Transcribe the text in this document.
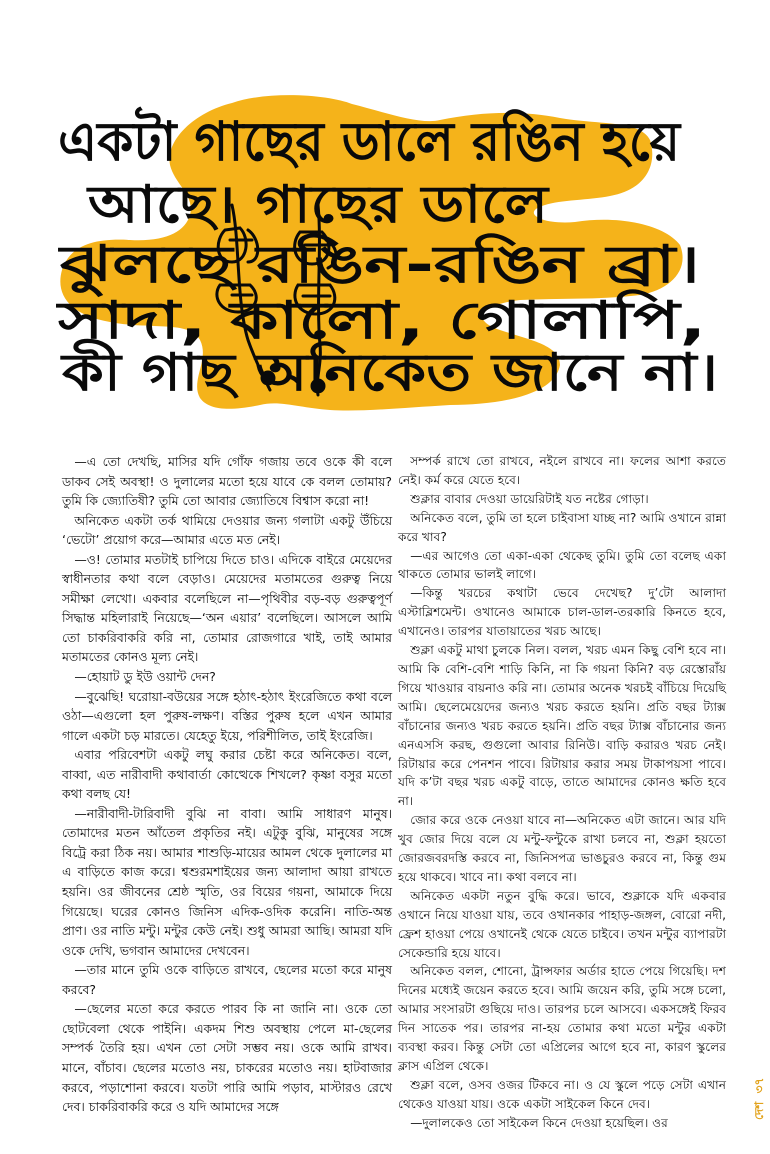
একটা গাছের ডালে রঙিন হয়ে
আছে। গাছের ডালে
ঝুলছে রঙিন-রঙিন ব্রা।
সাদা, কালো, গোলাপি,
কী গাছ অনিকেত জানে না।

—এ তো দেখছি, মাসির যদি গোঁফ গজায় তবে ওকে কী বলে ডাকব সেই অবস্থা! ও দুলালের মতো হয়ে যাবে কে বলল তোমায়? তুমি কি জ্যোতিষী? তুমি তো আবার জ্যোতিষে বিশ্বাস করো না!

অনিকেত একটা তর্ক থামিয়ে দেওয়ার জন্য গলাটা একটু উঁচিয়ে ‘ভেটো’ প্রয়োগ করে—আমার এতে মত নেই।

—ও! তোমার মতটাই চাপিয়ে দিতে চাও। এদিকে বাইরে মেয়েদের স্বাধীনতার কথা বলে বেড়াও। মেয়েদের মতামতের গুরুত্ব নিয়ে সমীক্ষা লেখো। একবার বলেছিলে না—পৃথিবীর বড়-বড় গুরুত্বপূর্ণ সিদ্ধান্ত মহিলারাই নিয়েছে—‘অন এয়ার’ বলেছিলে। আসলে আমি তো চাকরিবাকরি করি না, তোমার রোজগারে খাই, তাই আমার মতামতের কোনও মূল্য নেই।

—হোয়াট ডু ইউ ওয়ান্ট দেন?

—বুঝেছি! ঘরোয়া-বউয়ের সঙ্গে হঠাৎ-হঠাৎ ইংরেজিতে কথা বলে ওঠা—এগুলো হল পুরুষ-লক্ষণ। বস্তির পুরুষ হলে এখন আমার গালে একটা চড় মারতে। যেহেতু ইয়ে, পরিশীলিত, তাই ইংরেজি।

এবার পরিবেশটা একটু লঘু করার চেষ্টা করে অনিকেত। বলে, বাব্বা, এত নারীবাদী কথাবার্তা কোত্থেকে শিখলে? কৃষ্ণা বসুর মতো কথা বলছ যে!

—নারীবাদী-টারিবাদী বুঝি না বাবা। আমি সাধারণ মানুষ। তোমাদের মতন আঁতেল প্রকৃতির নই। এটুকু বুঝি, মানুষের সঙ্গে বিট্রে করা ঠিক নয়। আমার শাশুড়ি-মায়ের আমল থেকে দুলালের মা এ বাড়িতে কাজ করে। শ্বশুরমশাইয়ের জন্য আলাদা আয়া রাখতে হয়নি। ওর জীবনের শ্রেষ্ঠ স্মৃতি, ওর বিয়ের গয়না, আমাকে দিয়ে গিয়েছে। ঘরের কোনও জিনিস এদিক-ওদিক করেনি। নাতি-অন্ত প্রাণ। ওর নাতি মন্টু। মন্টুর কেউ নেই। শুধু আমরা আছি। আমরা যদি ওকে দেখি, ভগবান আমাদের দেখবেন।

—তার মানে তুমি ওকে বাড়িতে রাখবে, ছেলের মতো করে মানুষ করবে?

—ছেলের মতো করে করতে পারব কি না জানি না। ওকে তো ছোটবেলা থেকে পাইনি। একদম শিশু অবস্থায় পেলে মা-ছেলের সম্পর্ক তৈরি হয়। এখন তো সেটা সম্ভব নয়। ওকে আমি রাখব। মানে, বাঁচাব। ছেলের মতোও নয়, চাকরের মতোও নয়। হাটবাজার করবে, পড়াশোনা করবে। যতটা পারি আমি পড়াব, মাস্টারও রেখে দেব। চাকরিবাকরি করে ও যদি আমাদের সঙ্গে

সম্পর্ক রাখে তো রাখবে, নইলে রাখবে না। ফলের আশা করতে নেই। কর্ম করে যেতে হবে।

শুক্লার বাবার দেওয়া ডায়েরিটাই যত নষ্টের গোড়া।

অনিকেত বলে, তুমি তা হলে চাইবাসা যাচ্ছ না? আমি ওখানে রান্না করে খাব?

—এর আগেও তো একা-একা থেকেছ তুমি। তুমি তো বলেছ একা থাকতে তোমার ভালই লাগে।

—কিন্তু খরচের কথাটা ভেবে দেখেছ? দু’টো আলাদা এস্টাব্লিশমেন্ট। ওখানেও আমাকে চাল-ডাল-তরকারি কিনতে হবে, এখানেও। তারপর যাতায়াতের খরচ আছে।

শুক্লা একটু মাথা চুলকে নিল। বলল, খরচ এমন কিছু বেশি হবে না। আমি কি বেশি-বেশি শাড়ি কিনি, না কি গয়না কিনি? বড় রেস্তোরাঁয় গিয়ে খাওয়ার বায়নাও করি না। তোমার অনেক খরচই বাঁচিয়ে দিয়েছি আমি। ছেলেমেয়েদের জন্যও খরচ করতে হয়নি। প্রতি বছর ট্যাক্স বাঁচানোর জন্যও খরচ করতে হয়নি। প্রতি বছর ট্যাক্স বাঁচানোর জন্য এনএসসি করছ, গুগুলো আবার রিনিউ। বাড়ি করারও খরচ নেই। রিটায়ার করে পেনশন পাবে। রিটায়ার করার সময় টাকাপয়সা পাবে। যদি ক’টা বছর খরচ একটু বাড়ে, তাতে আমাদের কোনও ক্ষতি হবে না।

জোর করে ওকে নেওয়া যাবে না—অনিকেত এটা জানে। আর যদি খুব জোর দিয়ে বলে যে মন্টু-ফন্টুকে রাখা চলবে না, শুক্লা হয়তো জোরজবরদস্তি করবে না, জিনিসপত্র ভাঙচুরও করবে না, কিন্তু গুম হয়ে থাকবে। খাবে না। কথা বলবে না।

অনিকেত একটা নতুন বুদ্ধি করে। ভাবে, শুক্লাকে যদি একবার ওখানে নিয়ে যাওয়া যায়, তবে ওখানকার পাহাড়-জঙ্গল, বোরো নদী, ফ্রেশ হাওয়া পেয়ে ওখানেই থেকে যেতে চাইবে। তখন মন্টুর ব্যাপারটা সেকেন্ডারি হয়ে যাবে।

অনিকেত বলল, শোনো, ট্রান্সফার অর্ডার হাতে পেয়ে গিয়েছি। দশ দিনের মধ্যেই জয়েন করতে হবে। আমি জয়েন করি, তুমি সঙ্গে চলো, আমার সংসারটা গুছিয়ে দাও। তারপর চলে আসবে। একসঙ্গেই ফিরব দিন সাতেক পর। তারপর না-হয় তোমার কথা মতো মন্টুর একটা ব্যবস্থা করব। কিন্তু সেটা তো এপ্রিলের আগে হবে না, কারণ স্কুলের ক্লাস এপ্রিল থেকে।

শুক্লা বলে, ওসব ওজর টিকবে না। ও যে স্কুলে পড়ে সেটা এখান থেকেও যাওয়া যায়। ওকে একটা সাইকেল কিনে দেব।

—দুলালকেও তো সাইকেল কিনে দেওয়া হয়েছিল। ওর

দেশ  ৩৭
